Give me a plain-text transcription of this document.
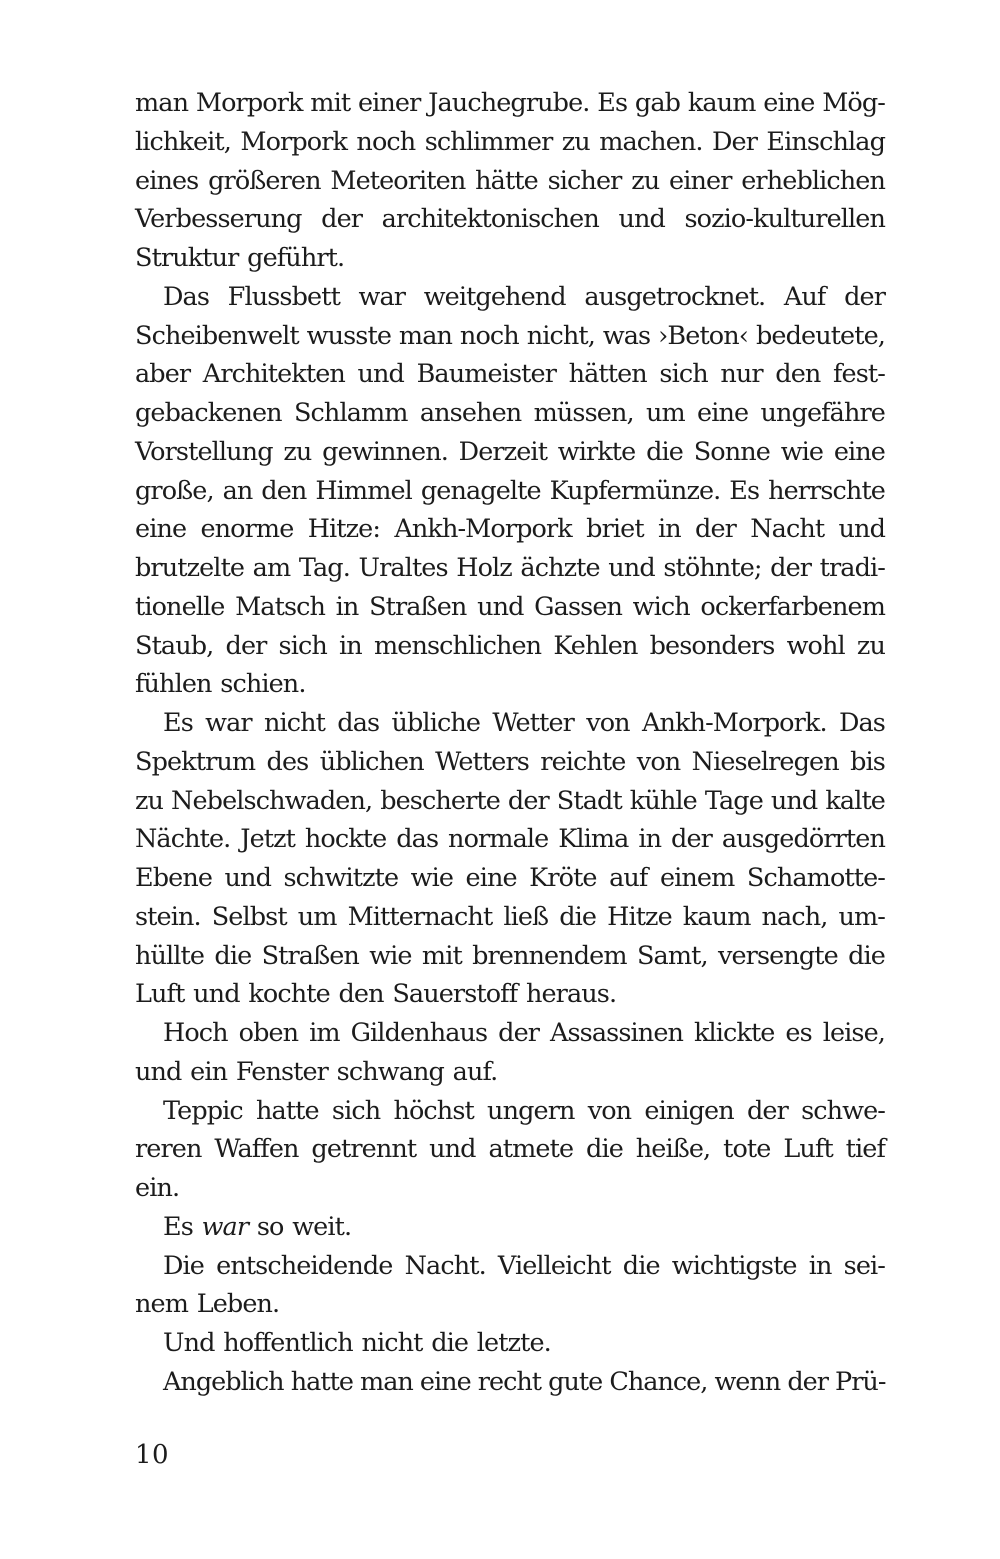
man Morpork mit einer Jauchegrube. Es gab kaum eine Mög-
lichkeit, Morpork noch schlimmer zu machen. Der Einschlag
eines größeren Meteoriten hätte sicher zu einer erheblichen
Verbesserung der architektonischen und sozio-kulturellen
Struktur geführt.
Das Flussbett war weitgehend ausgetrocknet. Auf der
Scheibenwelt wusste man noch nicht, was ›Beton‹ bedeutete,
aber Architekten und Baumeister hätten sich nur den fest-
gebackenen Schlamm ansehen müssen, um eine ungefähre
Vorstellung zu gewinnen. Derzeit wirkte die Sonne wie eine
große, an den Himmel genagelte Kupfermünze. Es herrschte
eine enorme Hitze: Ankh-Morpork briet in der Nacht und
brutzelte am Tag. Uraltes Holz ächzte und stöhnte; der tradi-
tionelle Matsch in Straßen und Gassen wich ockerfarbenem
Staub, der sich in menschlichen Kehlen besonders wohl zu
fühlen schien.
Es war nicht das übliche Wetter von Ankh-Morpork. Das
Spektrum des üblichen Wetters reichte von Nieselregen bis
zu Nebelschwaden, bescherte der Stadt kühle Tage und kalte
Nächte. Jetzt hockte das normale Klima in der ausgedörrten
Ebene und schwitzte wie eine Kröte auf einem Schamotte-
stein. Selbst um Mitternacht ließ die Hitze kaum nach, um-
hüllte die Straßen wie mit brennendem Samt, versengte die
Luft und kochte den Sauerstoff heraus.
Hoch oben im Gildenhaus der Assassinen klickte es leise,
und ein Fenster schwang auf.
Teppic hatte sich höchst ungern von einigen der schwe-
reren Waffen getrennt und atmete die heiße, tote Luft tief
ein.
Es war so weit.
Die entscheidende Nacht. Vielleicht die wichtigste in sei-
nem Leben.
Und hoffentlich nicht die letzte.
Angeblich hatte man eine recht gute Chance, wenn der Prü-
10
